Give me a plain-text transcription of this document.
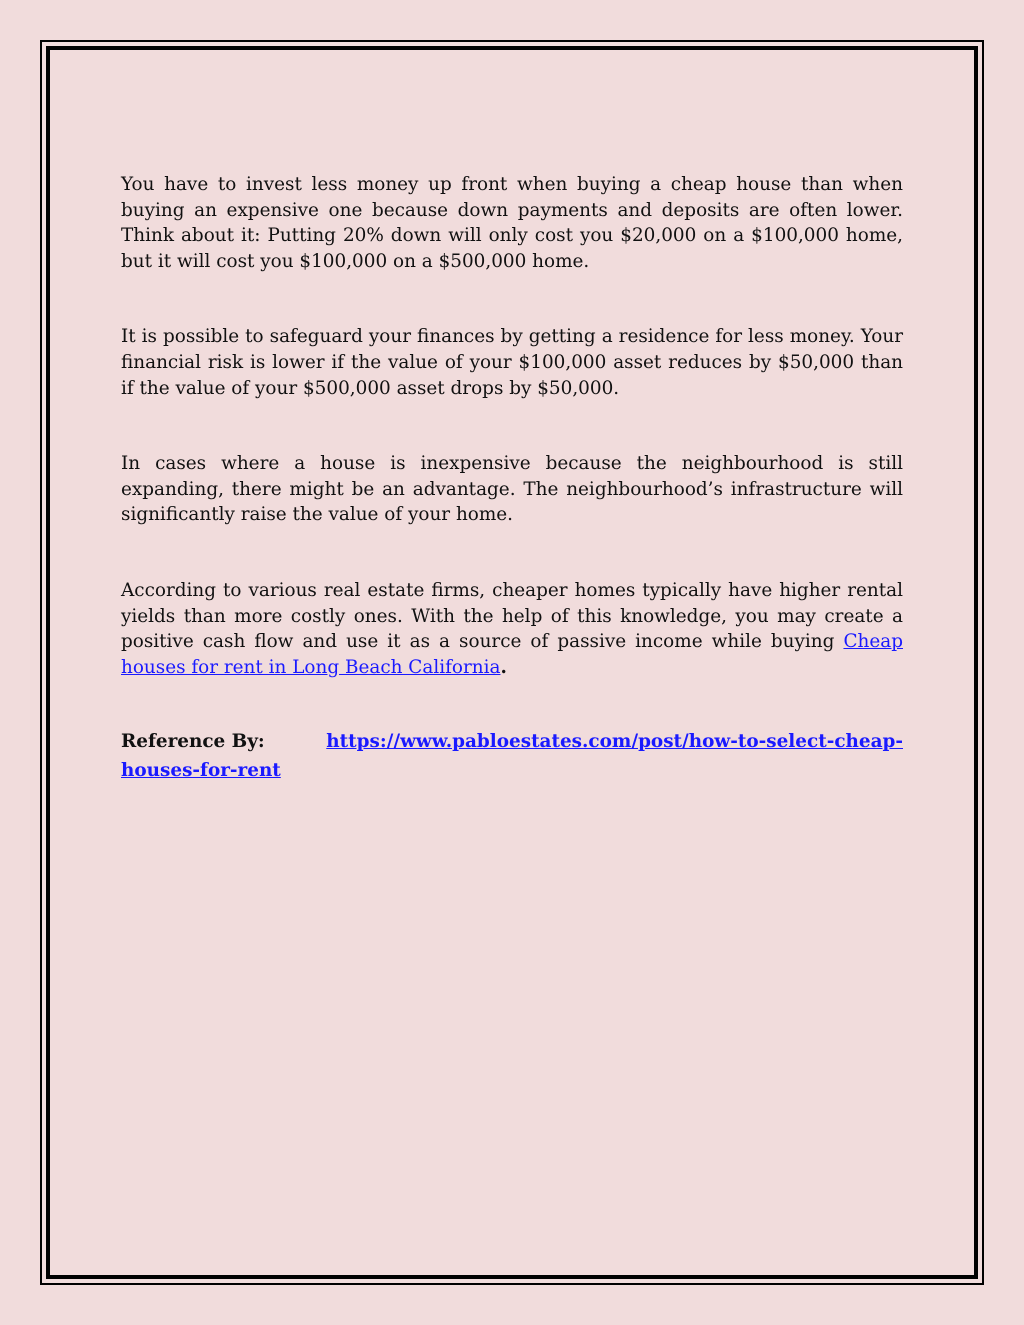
You have to invest less money up front when buying a cheap house than when buying an expensive one because down payments and deposits are often lower. Think about it: Putting 20% down will only cost you $20,000 on a $100,000 home, but it will cost you $100,000 on a $500,000 home.

It is possible to safeguard your finances by getting a residence for less money. Your financial risk is lower if the value of your $100,000 asset reduces by $50,000 than if the value of your $500,000 asset drops by $50,000.

In cases where a house is inexpensive because the neighbourhood is still expanding, there might be an advantage. The neighbourhood’s infrastructure will significantly raise the value of your home.

According to various real estate firms, cheaper homes typically have higher rental yields than more costly ones. With the help of this knowledge, you may create a positive cash flow and use it as a source of passive income while buying Cheap houses for rent in Long Beach California.

Reference By:	https://www.pabloestates.com/post/how-to-select-cheap-
houses-for-rent
